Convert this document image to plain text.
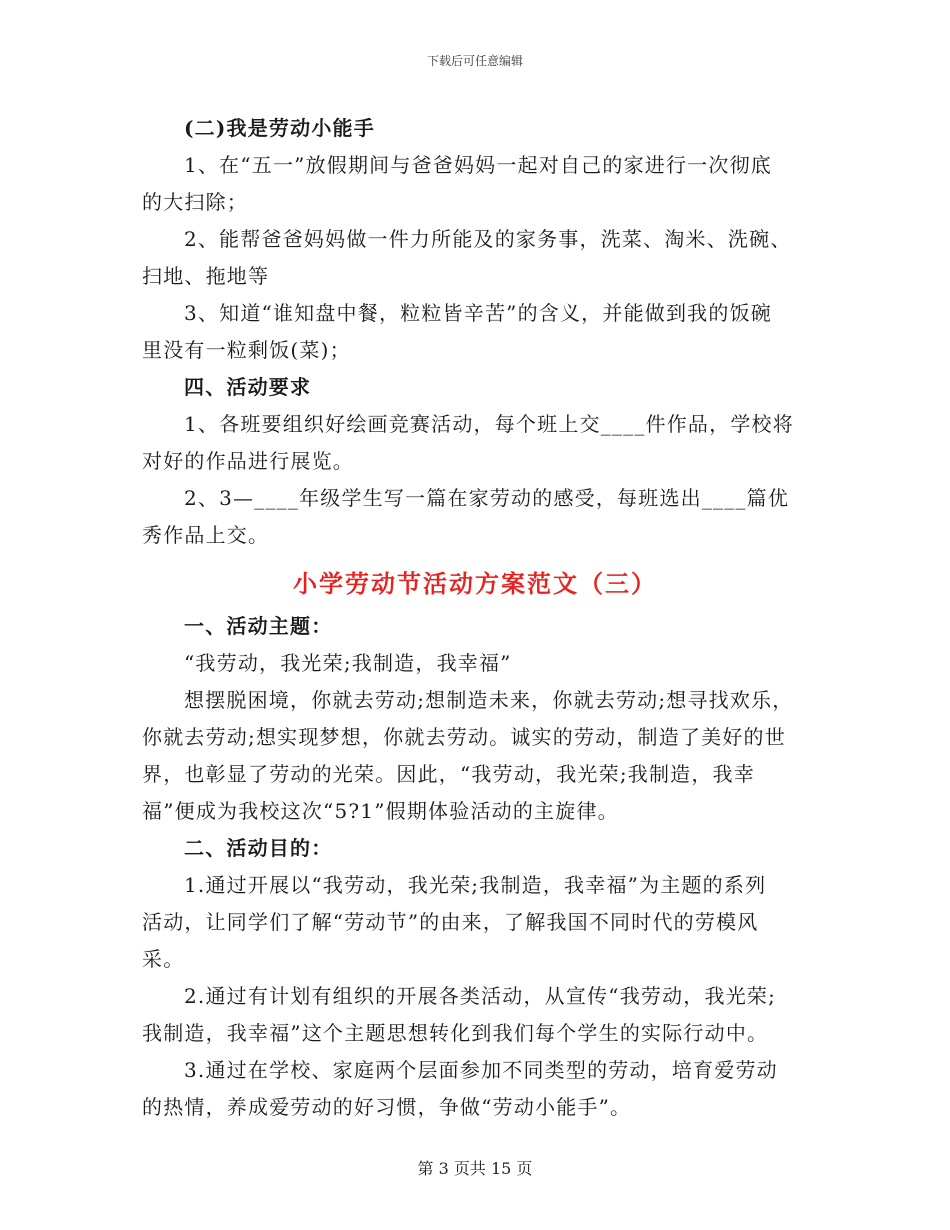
下载后可任意编辑

(二)我是劳动小能手

1、在“五一”放假期间与爸爸妈妈一起对自己的家进行一次彻底

的大扫除；

2、能帮爸爸妈妈做一件力所能及的家务事，洗菜、淘米、洗碗、

扫地、拖地等

3、知道“谁知盘中餐，粒粒皆辛苦”的含义，并能做到我的饭碗

里没有一粒剩饭(菜)；

四、活动要求

1、各班要组织好绘画竞赛活动，每个班上交____件作品，学校将

对好的作品进行展览。

2、3—____年级学生写一篇在家劳动的感受，每班选出____篇优

秀作品上交。

小学劳动节活动方案范文（三）

一、活动主题：

“我劳动，我光荣;我制造，我幸福”

想摆脱困境，你就去劳动;想制造未来，你就去劳动;想寻找欢乐，

你就去劳动;想实现梦想，你就去劳动。诚实的劳动，制造了美好的世

界，也彰显了劳动的光荣。因此，“我劳动，我光荣;我制造，我幸

福”便成为我校这次“5?1”假期体验活动的主旋律。

二、活动目的：

1.通过开展以“我劳动，我光荣;我制造，我幸福”为主题的系列

活动，让同学们了解“劳动节”的由来，了解我国不同时代的劳模风

采。

2.通过有计划有组织的开展各类活动，从宣传“我劳动，我光荣;

我制造，我幸福”这个主题思想转化到我们每个学生的实际行动中。

3.通过在学校、家庭两个层面参加不同类型的劳动，培育爱劳动

的热情，养成爱劳动的好习惯，争做“劳动小能手”。

第 3 页共 15 页
